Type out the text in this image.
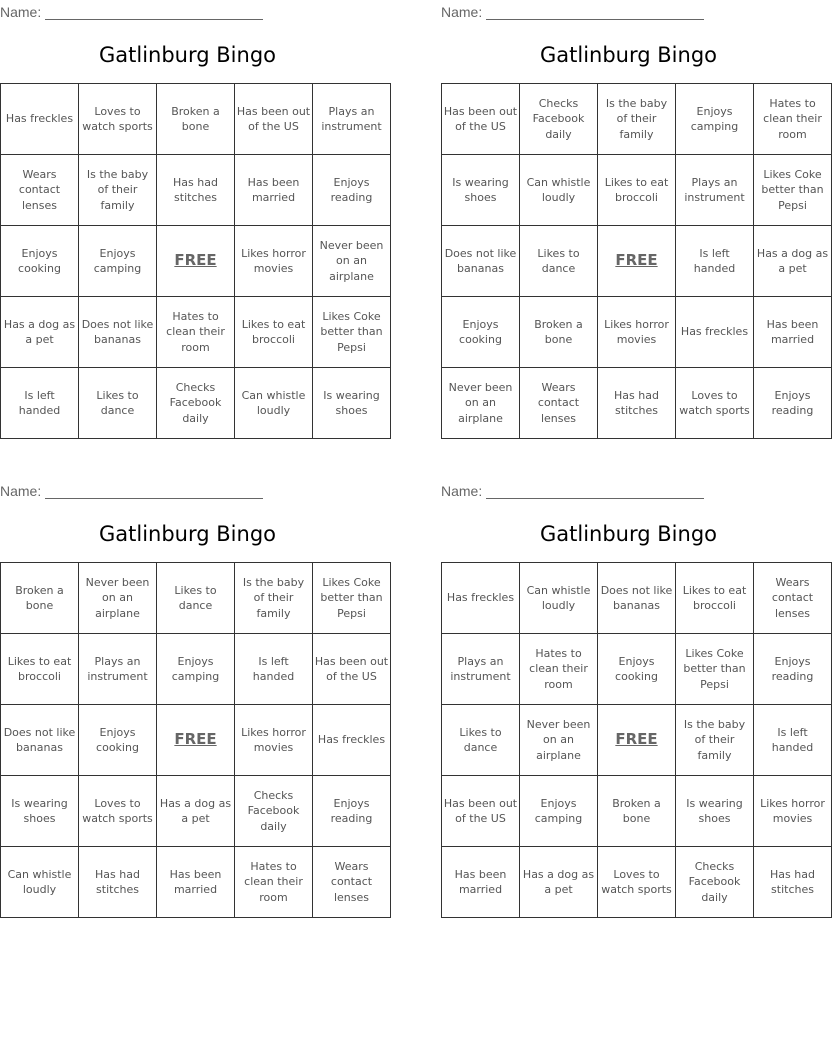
Name:
Gatlinburg Bingo
Has freckles	Loves to watch sports	Broken a bone	Has been out of the US	Plays an instrument
Wears contact lenses	Is the baby of their family	Has had stitches	Has been married	Enjoys reading
Enjoys cooking	Enjoys camping	FREE	Likes horror movies	Never been on an airplane
Has a dog as a pet	Does not like bananas	Hates to clean their room	Likes to eat broccoli	Likes Coke better than Pepsi
Is left handed	Likes to dance	Checks Facebook daily	Can whistle loudly	Is wearing shoes
Name:
Gatlinburg Bingo
Has been out of the US	Checks Facebook daily	Is the baby of their family	Enjoys camping	Hates to clean their room
Is wearing shoes	Can whistle loudly	Likes to eat broccoli	Plays an instrument	Likes Coke better than Pepsi
Does not like bananas	Likes to dance	FREE	Is left handed	Has a dog as a pet
Enjoys cooking	Broken a bone	Likes horror movies	Has freckles	Has been married
Never been on an airplane	Wears contact lenses	Has had stitches	Loves to watch sports	Enjoys reading
Name:
Gatlinburg Bingo
Broken a bone	Never been on an airplane	Likes to dance	Is the baby of their family	Likes Coke better than Pepsi
Likes to eat broccoli	Plays an instrument	Enjoys camping	Is left handed	Has been out of the US
Does not like bananas	Enjoys cooking	FREE	Likes horror movies	Has freckles
Is wearing shoes	Loves to watch sports	Has a dog as a pet	Checks Facebook daily	Enjoys reading
Can whistle loudly	Has had stitches	Has been married	Hates to clean their room	Wears contact lenses
Name:
Gatlinburg Bingo
Has freckles	Can whistle loudly	Does not like bananas	Likes to eat broccoli	Wears contact lenses
Plays an instrument	Hates to clean their room	Enjoys cooking	Likes Coke better than Pepsi	Enjoys reading
Likes to dance	Never been on an airplane	FREE	Is the baby of their family	Is left handed
Has been out of the US	Enjoys camping	Broken a bone	Is wearing shoes	Likes horror movies
Has been married	Has a dog as a pet	Loves to watch sports	Checks Facebook daily	Has had stitches
